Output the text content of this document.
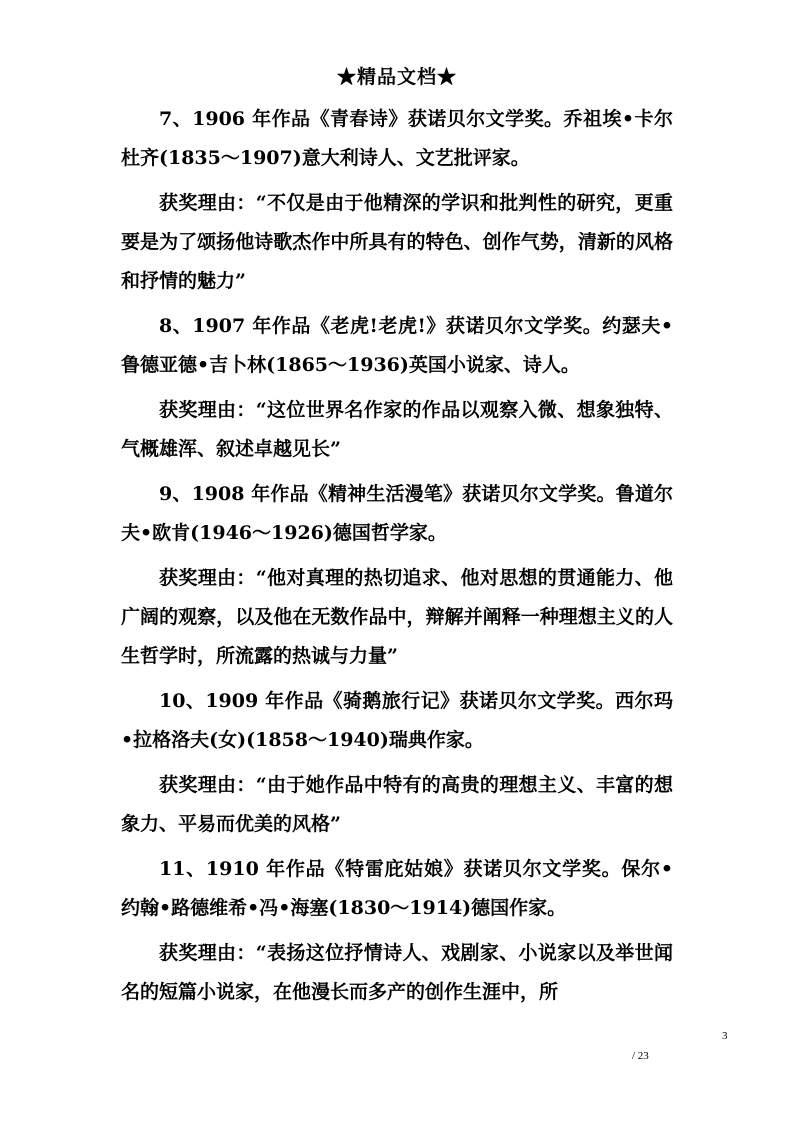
★精品文档★

7、1906 年作品《青春诗》获诺贝尔文学奖。乔祖埃•卡尔杜齐(1835～1907)意大利诗人、文艺批评家。

获奖理由：“不仅是由于他精深的学识和批判性的研究，更重要是为了颂扬他诗歌杰作中所具有的特色、创作气势，清新的风格和抒情的魅力”

8、1907 年作品《老虎!老虎!》获诺贝尔文学奖。约瑟夫•鲁德亚德•吉卜林(1865～1936)英国小说家、诗人。

获奖理由：“这位世界名作家的作品以观察入微、想象独特、气概雄浑、叙述卓越见长”

9、1908 年作品《精神生活漫笔》获诺贝尔文学奖。鲁道尔夫•欧肯(1946～1926)德国哲学家。

获奖理由：“他对真理的热切追求、他对思想的贯通能力、他广阔的观察，以及他在无数作品中，辩解并阐释一种理想主义的人生哲学时，所流露的热诚与力量”

10、1909 年作品《骑鹅旅行记》获诺贝尔文学奖。西尔玛•拉格洛夫(女)(1858～1940)瑞典作家。

获奖理由：“由于她作品中特有的高贵的理想主义、丰富的想象力、平易而优美的风格”

11、1910 年作品《特雷庇姑娘》获诺贝尔文学奖。保尔•约翰•路德维希•冯•海塞(1830～1914)德国作家。

获奖理由：“表扬这位抒情诗人、戏剧家、小说家以及举世闻名的短篇小说家，在他漫长而多产的创作生涯中，所

3
/ 23
